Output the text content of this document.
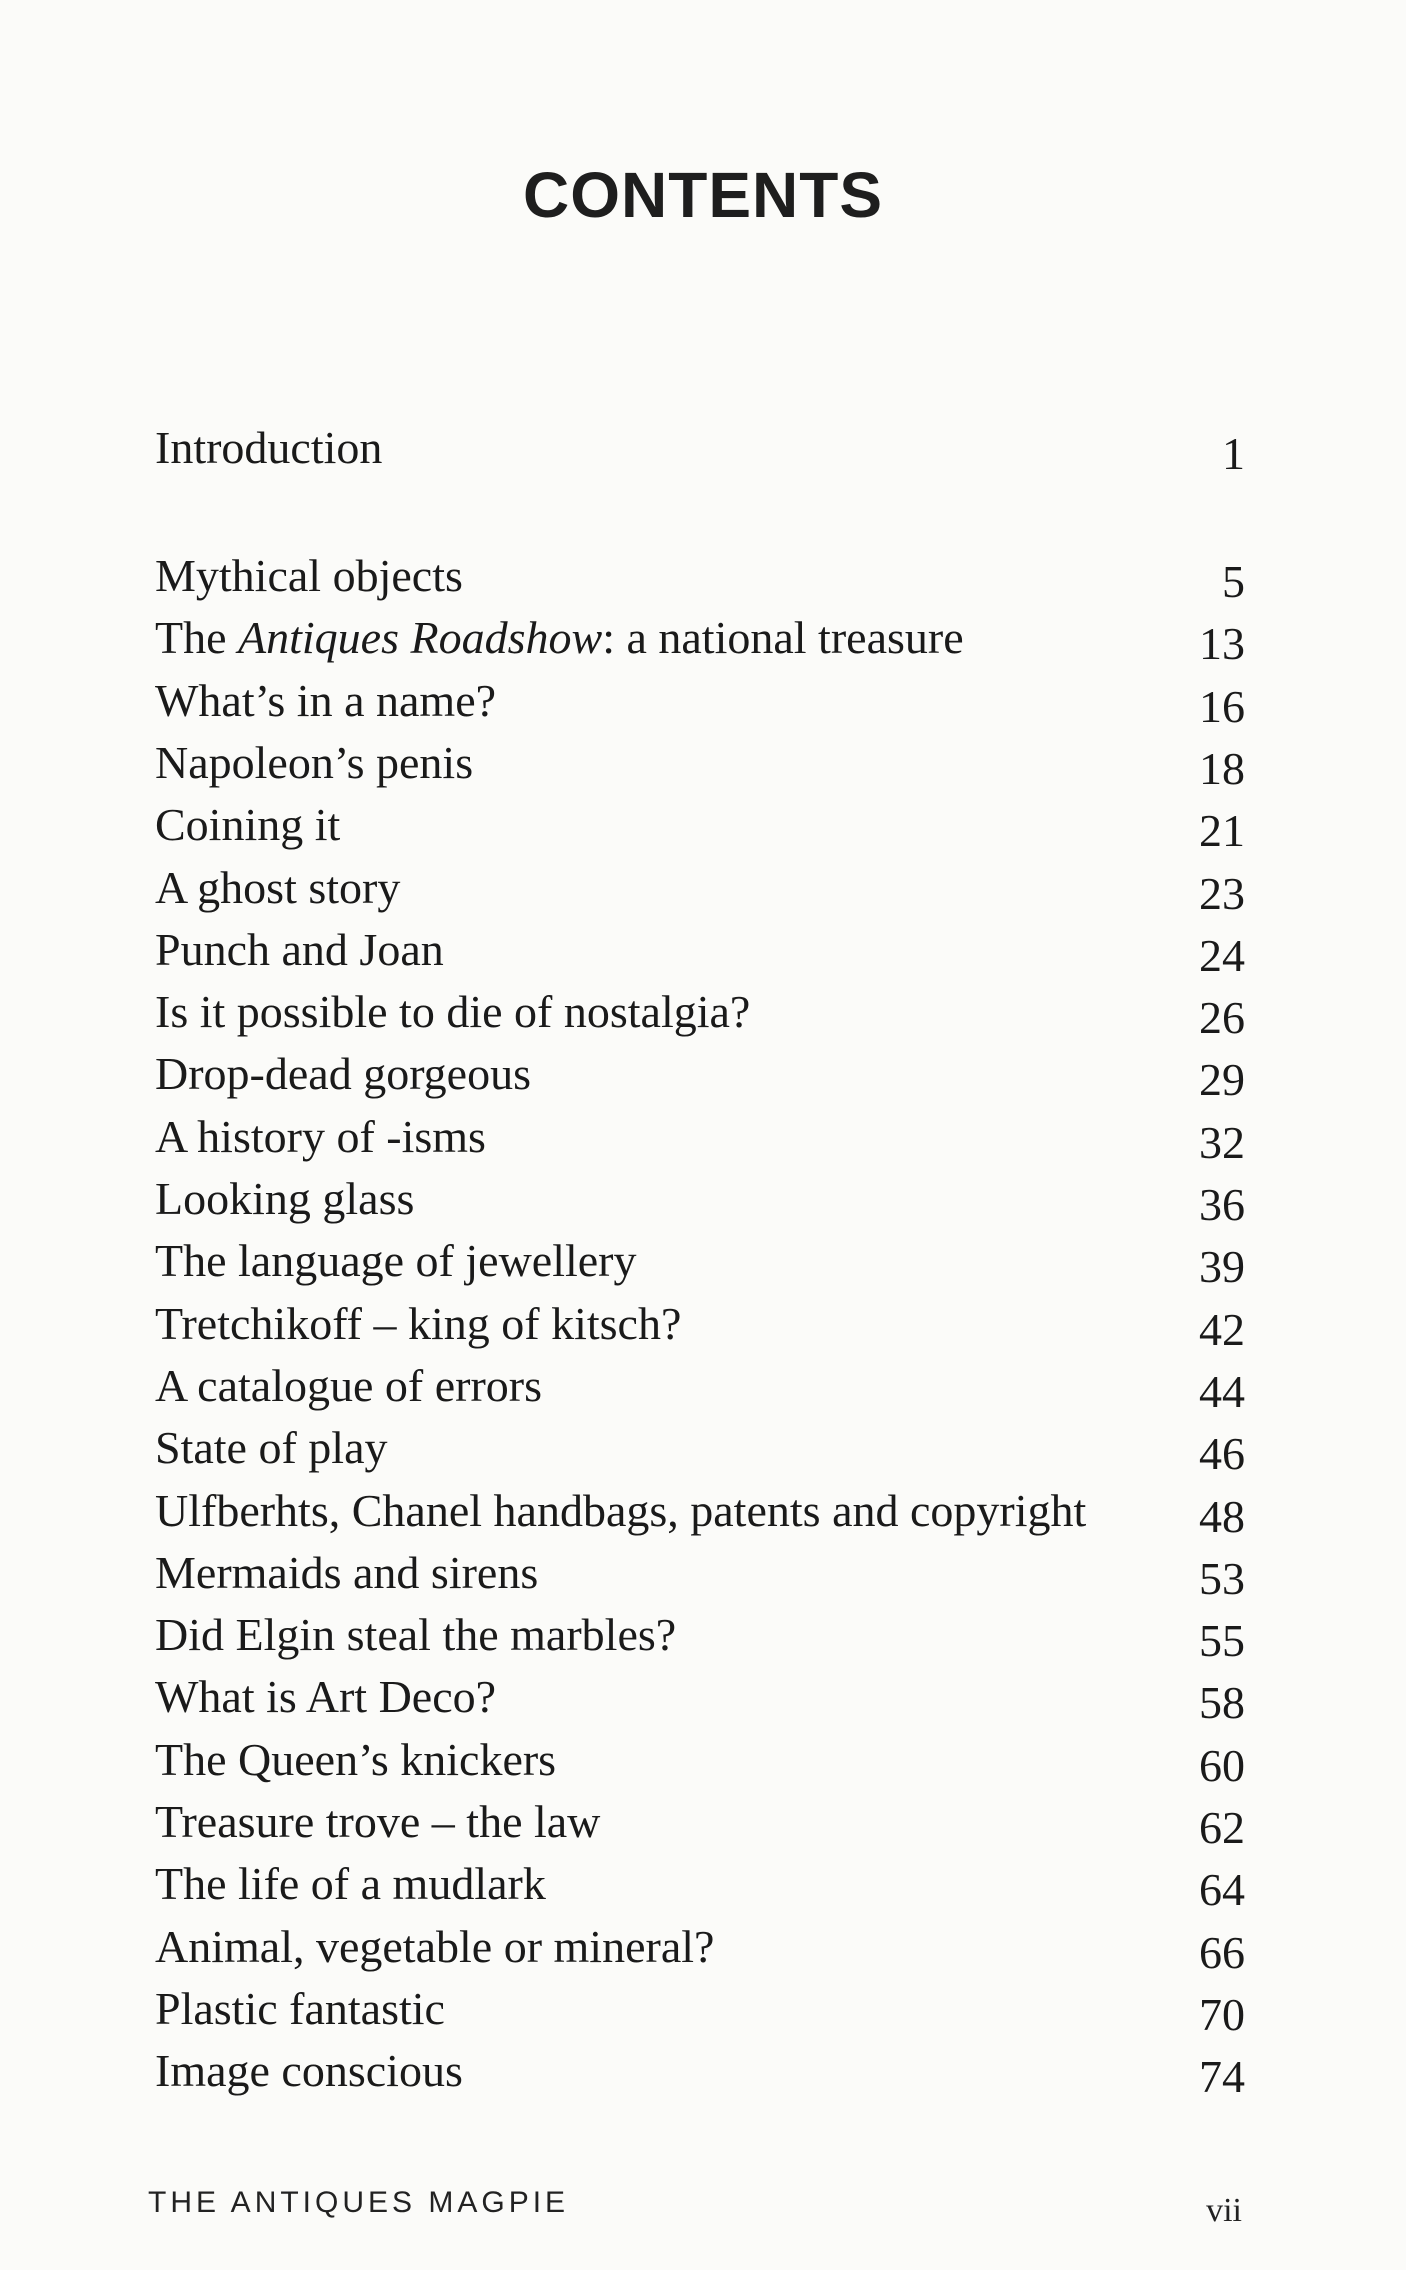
CONTENTS
Introduction	1
Mythical objects	5
The Antiques Roadshow: a national treasure	13
What’s in a name?	16
Napoleon’s penis	18
Coining it	21
A ghost story	23
Punch and Joan	24
Is it possible to die of nostalgia?	26
Drop-dead gorgeous	29
A history of -isms	32
Looking glass	36
The language of jewellery	39
Tretchikoff – king of kitsch?	42
A catalogue of errors	44
State of play	46
Ulfberhts, Chanel handbags, patents and copyright 48
Mermaids and sirens	53
Did Elgin steal the marbles?	55
What is Art Deco?	58
The Queen’s knickers	60
Treasure trove – the law	62
The life of a mudlark	64
Animal, vegetable or mineral?	66
Plastic fantastic	70
Image conscious	74
THE ANTIQUES MAGPIE	vii
